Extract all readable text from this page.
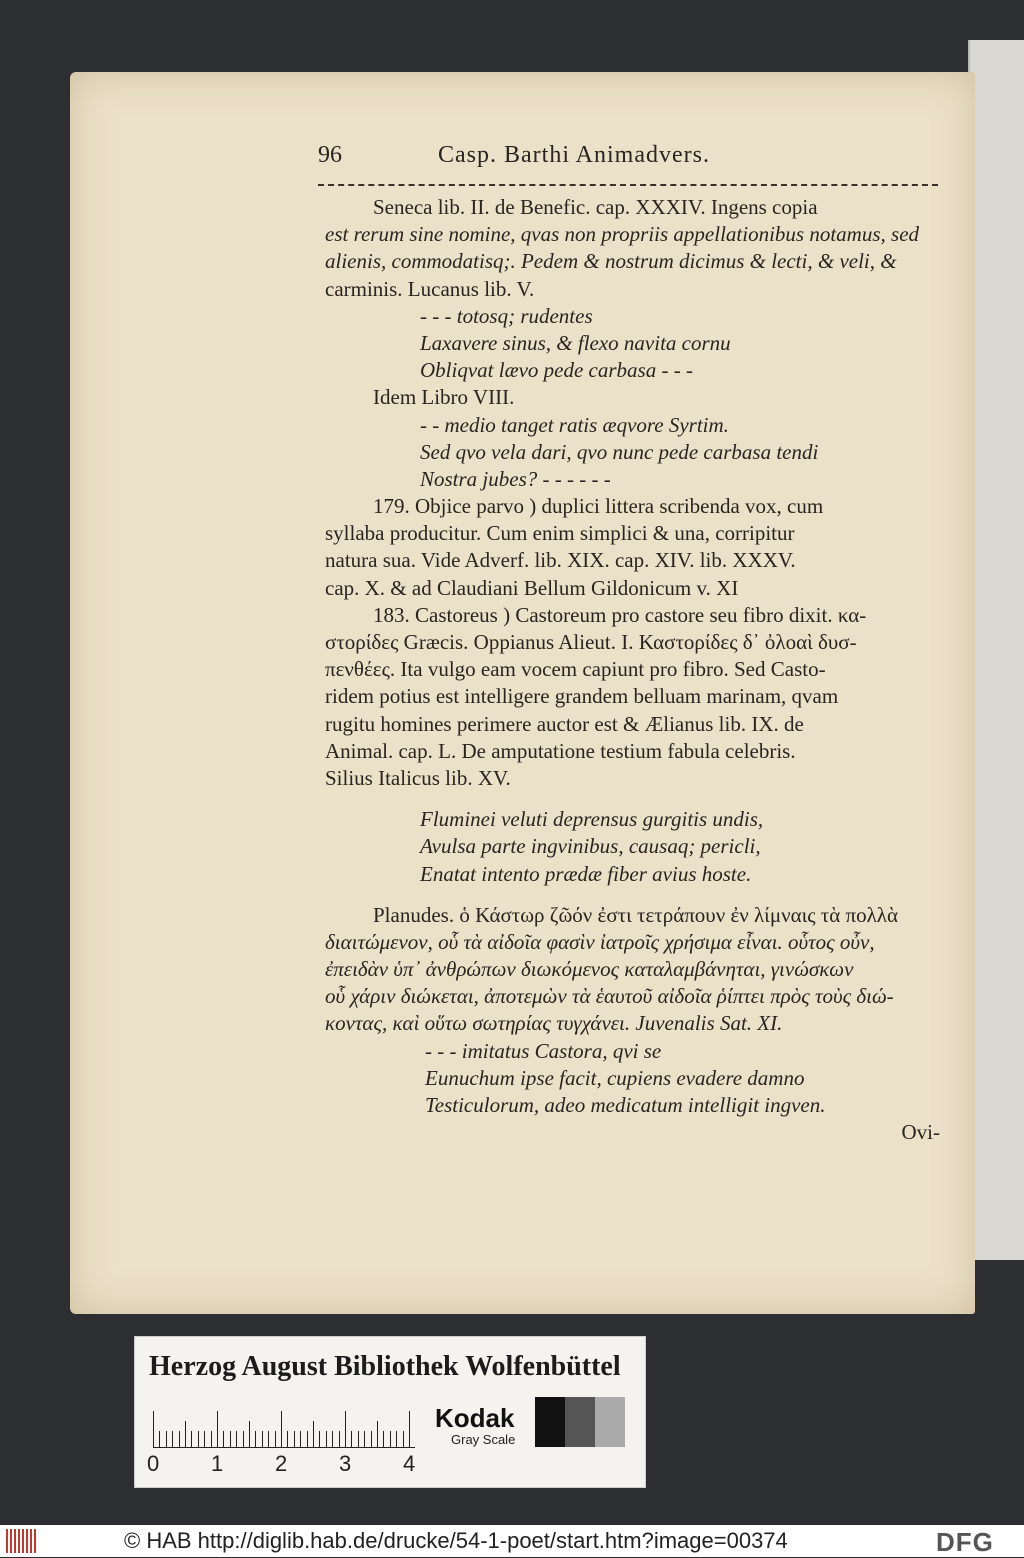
96	Casp. Barthi Animadvers.
Seneca lib. II. de Benefic. cap. XXXIV. Ingens copia
est rerum sine nomine, qvas non propriis appellationibus notamus, sed
alienis, commodatisq;. Pedem & nostrum dicimus & lecti, & veli, &
carminis. Lucanus lib. V.
- - - totosq; rudentes
Laxavere sinus, & flexo navita cornu
Obliqvat lævo pede carbasa - - -
Idem Libro VIII.
- - medio tanget ratis æqvore Syrtim.
Sed qvo vela dari, qvo nunc pede carbasa tendi
Nostra jubes? - - - - - -
179. Objice parvo ) duplici littera scribenda vox, cum
syllaba producitur. Cum enim simplici & una, corripitur
natura sua. Vide Adverf. lib. XIX. cap. XIV. lib. XXXV.
cap. X. & ad Claudiani Bellum Gildonicum v. XI
183. Castoreus ) Castoreum pro castore seu fibro dixit. κα-
στορίδες Græcis. Oppianus Alieut. I. Καστορίδες δ᾽ ὀλοαὶ δυσ-
πενθέες. Ita vulgo eam vocem capiunt pro fibro. Sed Casto-
ridem potius est intelligere grandem belluam marinam, qvam
rugitu homines perimere auctor est & Ælianus lib. IX. de
Animal. cap. L. De amputatione testium fabula celebris.
Silius Italicus lib. XV.
Fluminei veluti deprensus gurgitis undis,
Avulsa parte ingvinibus, causaq; pericli,
Enatat intento prædæ fiber avius hoste.
Planudes. ὁ Κάστωρ ζῶόν ἐστι τετράπουν ἐν λίμναις τὰ πολλὰ
διαιτώμενον, οὗ τὰ αἰδοῖα φασὶν ἰατροῖς χρήσιμα εἶναι. οὗτος οὖν,
ἐπειδὰν ὑπ᾽ ἀνθρώπων διωκόμενος καταλαμβάνηται, γινώσκων
οὗ χάριν διώκεται, ἀποτεμὼν τὰ ἑαυτοῦ αἰδοῖα ῥίπτει πρὸς τοὺς διώ-
κοντας, καὶ οὕτω σωτηρίας τυγχάνει. Juvenalis Sat. XI.
- - - imitatus Castora, qvi se
Eunuchum ipse facit, cupiens evadere damno
Testiculorum, adeo medicatum intelligit ingven.
Ovi-
Herzog August Bibliothek Wolfenbüttel
0 1 2 3 4
Kodak
Gray Scale
© HAB http://diglib.hab.de/drucke/54-1-poet/start.htm?image=00374	DFG
